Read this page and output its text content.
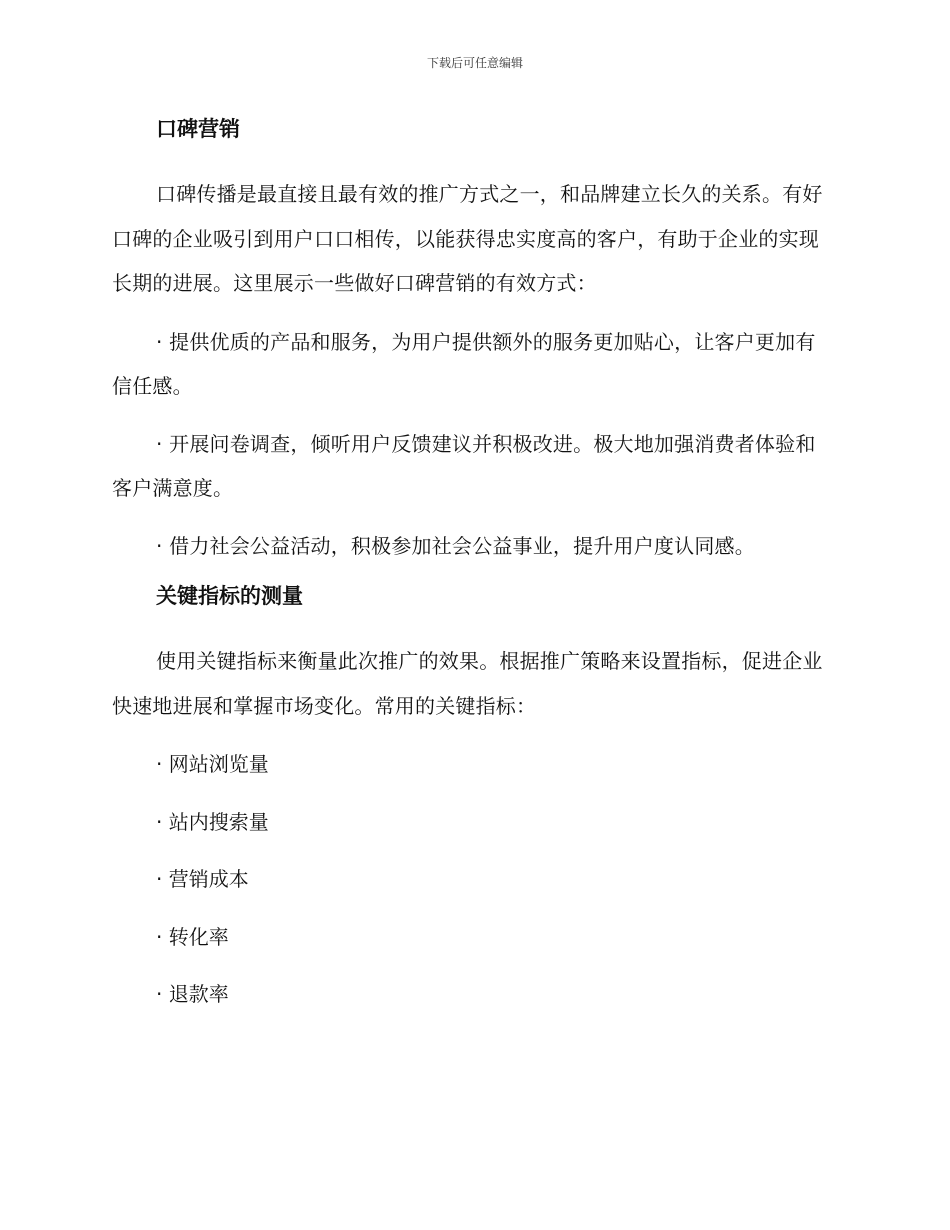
下载后可任意编辑
口碑营销

口碑传播是最直接且最有效的推广方式之一，和品牌建立长久的关系。有好口碑的企业吸引到用户口口相传，以能获得忠实度高的客户，有助于企业的实现长期的进展。这里展示一些做好口碑营销的有效方式：

· 提供优质的产品和服务，为用户提供额外的服务更加贴心，让客户更加有信任感。

· 开展问卷调查，倾听用户反馈建议并积极改进。极大地加强消费者体验和客户满意度。

· 借力社会公益活动，积极参加社会公益事业，提升用户度认同感。

关键指标的测量

使用关键指标来衡量此次推广的效果。根据推广策略来设置指标，促进企业快速地进展和掌握市场变化。常用的关键指标：

· 网站浏览量

· 站内搜索量

· 营销成本

· 转化率

· 退款率
